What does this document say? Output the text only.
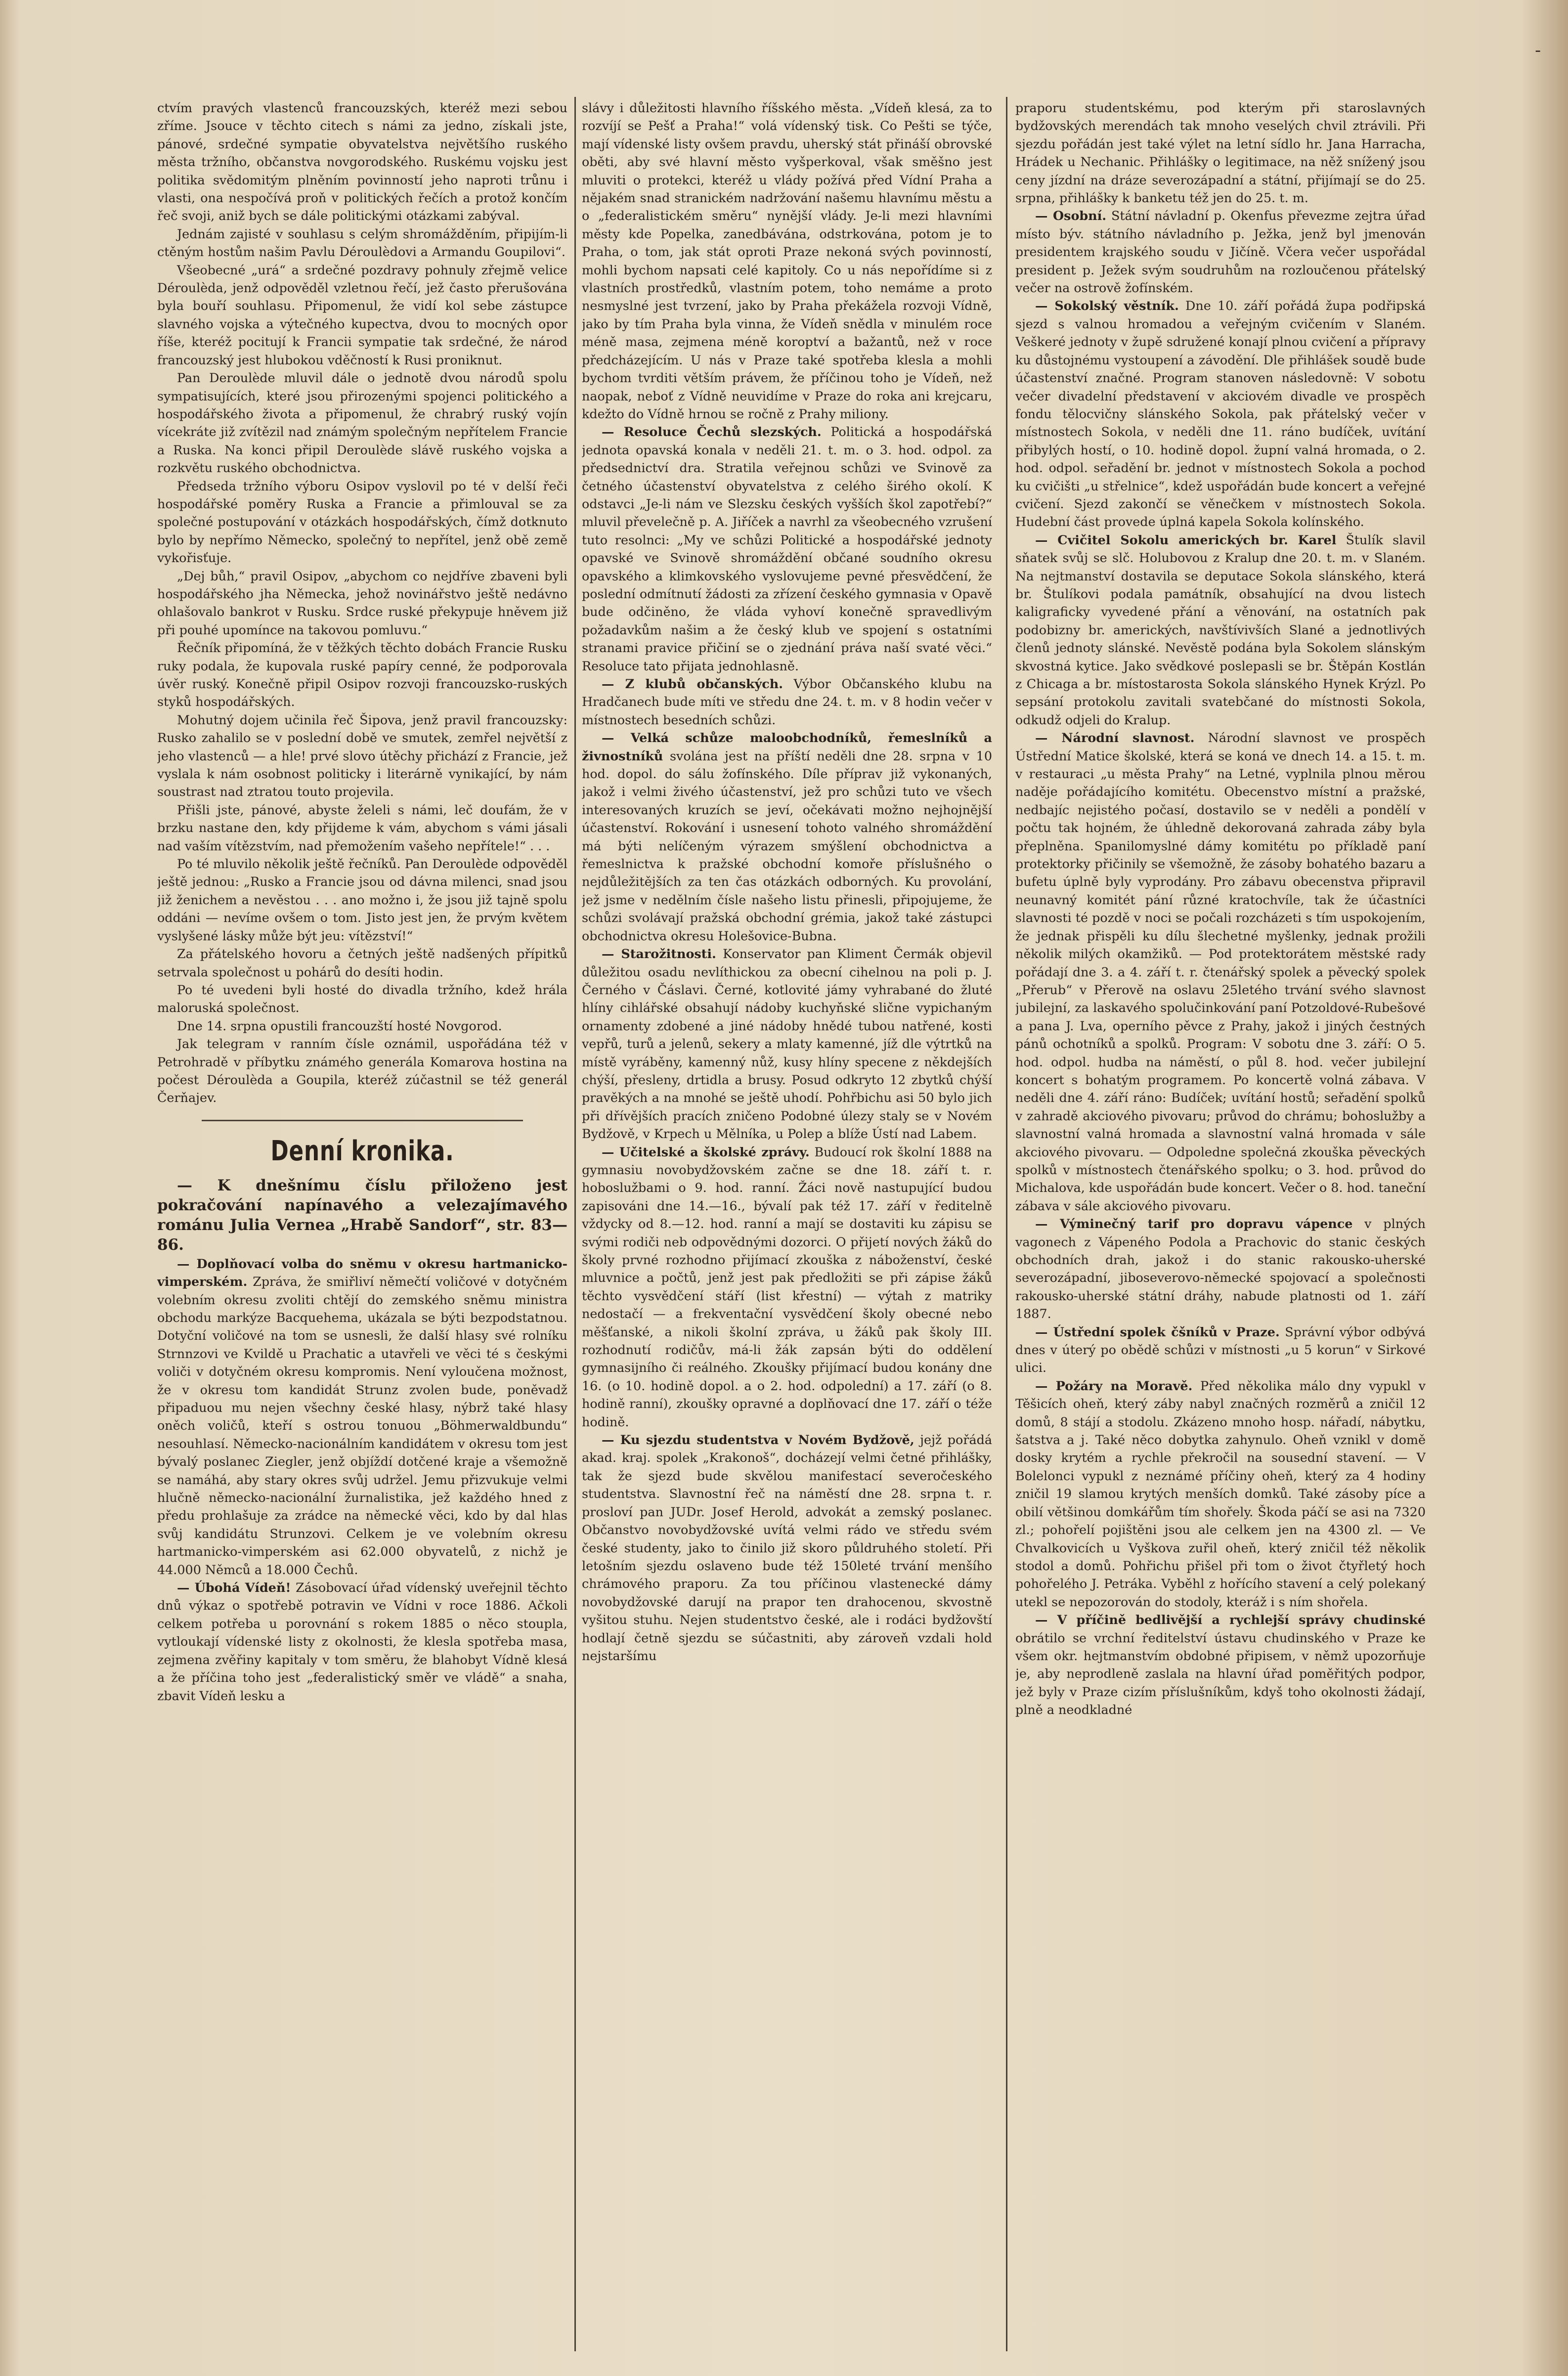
-

ctvím pravých vlastenců francouzských, kteréž mezi sebou zříme. Jsouce v těchto citech s námi za jedno, získali jste, pánové, srdečné sympatie obyvatelstva největšího ruského města tržního, občanstva novgorodského. Ruskému vojsku jest politika svědomitým plněním povinností jeho naproti trůnu i vlasti, ona nespočívá proň v politických řečích a protož končím řeč svoji, aniž bych se dále politickými otázkami zabýval.

Jednám zajisté v souhlasu s celým shromážděním, připijím-li ctěným hostům našim Pavlu Déroulèdovi a Armandu Goupilovi“.

Všeobecné „urá“ a srdečné pozdravy pohnuly zřejmě velice Déroulèda, jenž odpověděl vzletnou řečí, jež často přerušována byla bouří souhlasu. Připomenul, že vidí kol sebe zástupce slavného vojska a výtečného kupectva, dvou to mocných opor říše, kteréž pocitují k Francii sympatie tak srdečné, že národ francouzský jest hlubokou vděčností k Rusi proniknut.

Pan Deroulède mluvil dále o jednotě dvou národů spolu sympatisujících, které jsou přirozenými spojenci politického a hospodářského života a připomenul, že chrabrý ruský vojín vícekráte již zvítězil nad známým společným nepřítelem Francie a Ruska. Na konci připil Deroulède slávě ruského vojska a rozkvětu ruského obchodnictva.

Předseda tržního výboru Osipov vyslovil po té v delší řeči hospodářské poměry Ruska a Francie a přimlouval se za společné postupování v otázkách hospodářských, čímž dotknuto bylo by nepřímo Německo, společný to nepřítel, jenž obě země vykořisťuje.

„Dej bůh,“ pravil Osipov, „abychom co nejdříve zbaveni byli hospodářského jha Německa, jehož novinářstvo ještě nedávno ohlašovalo bankrot v Rusku. Srdce ruské překypuje hněvem již při pouhé upomínce na takovou pomluvu.“

Řečník připomíná, že v těžkých těchto dobách Francie Rusku ruky podala, že kupovala ruské papíry cenné, že podporovala úvěr ruský. Konečně připil Osipov rozvoji francouzsko-ruských styků hospodářských.

Mohutný dojem učinila řeč Šipova, jenž pravil francouzsky: Rusko zahalilo se v poslední době ve smutek, zemřel největší z jeho vlastenců — a hle! prvé slovo útěchy přichází z Francie, jež vyslala k nám osobnost politicky i literárně vynikající, by nám soustrast nad ztratou touto projevila.

Přišli jste, pánové, abyste želeli s námi, leč doufám, že v brzku nastane den, kdy přijdeme k vám, abychom s vámi jásali nad vaším vítězstvím, nad přemožením vašeho nepřítele!“ . . .

Po té mluvilo několik ještě řečníků. Pan Deroulède odpověděl ještě jednou: „Rusko a Francie jsou od dávna milenci, snad jsou již ženichem a nevěstou . . . ano možno i, že jsou již tajně spolu oddáni — nevíme ovšem o tom. Jisto jest jen, že prvým květem vyslyšené lásky může být jeu: vítězství!“

Za přátelského hovoru a četných ještě nadšených přípitků setrvala společnost u pohárů do desíti hodin.

Po té uvedeni byli hosté do divadla tržního, kdež hrála maloruská společnost.

Dne 14. srpna opustili francouzští hosté Novgorod.

Jak telegram v ranním čísle oznámil, uspořádána též v Petrohradě v příbytku známého generála Komarova hostina na počest Déroulèda a Goupila, kteréž zúčastnil se též generál Čerňajev.

Denní kronika.

— K dnešnímu číslu přiloženo jest pokračování napínavého a velezajímavého románu Julia Vernea „Hrabě Sandorf“, str. 83—86.

— Doplňovací volba do sněmu v okresu hartmanicko-vimperském. Zpráva, že smiřliví němečtí voličové v dotyčném volebním okresu zvoliti chtějí do zemského sněmu ministra obchodu markýze Bacquehema, ukázala se býti bezpodstatnou. Dotyční voličové na tom se usnesli, že další hlasy své rolníku Strnnzovi ve Kvildě u Prachatic a utavřeli ve věci té s českými voliči v dotyčném okresu kompromis. Není vyloučena možnost, že v okresu tom kandidát Strunz zvolen bude, poněvadž připaduou mu nejen všechny české hlasy, nýbrž také hlasy oněch voličů, kteří s ostrou tonuou „Böhmerwaldbundu“ nesouhlasí. Německo-nacionálním kandidátem v okresu tom jest bývalý poslanec Ziegler, jenž objíždí dotčené kraje a všemožně se namáhá, aby stary okres svůj udržel. Jemu přizvukuje velmi hlučně německo-nacionální žurnalistika, jež každého hned z předu prohlašuje za zrádce na německé věci, kdo by dal hlas svůj kandidátu Strunzovi. Celkem je ve volebním okresu hartmanicko-vimperském asi 62.000 obyvatelů, z nichž je 44.000 Němců a 18.000 Čechů.

— Úbohá Vídeň! Zásobovací úřad vídenský uveřejnil těchto dnů výkaz o spotřebě potravin ve Vídni v roce 1886. Ačkoli celkem potřeba u porovnání s rokem 1885 o něco stoupla, vytloukají vídenské listy z okolnosti, že klesla spotřeba masa, zejmena zvěřiny kapitaly v tom směru, že blahobyt Vídně klesá a že příčina toho jest „federalistický směr ve vládě“ a snaha, zbavit Vídeň lesku a

slávy i důležitosti hlavního říšského města. „Vídeň klesá, za to rozvíjí se Pešť a Praha!“ volá vídenský tisk. Co Pešti se týče, mají vídenské listy ovšem pravdu, uherský stát přináší obrovské oběti, aby své hlavní město vyšperkoval, však směšno jest mluviti o protekci, kteréž u vlády požívá před Vídní Praha a nějakém snad stranickém nadržování našemu hlavnímu městu a o „federalistickém směru“ nynější vlády. Je-li mezi hlavními městy kde Popelka, zanedbávána, odstrkována, potom je to Praha, o tom, jak stát oproti Praze nekoná svých povinností, mohli bychom napsati celé kapitoly. Co u nás nepořídíme si z vlastních prostředků, vlastním potem, toho nemáme a proto nesmyslné jest tvrzení, jako by Praha překážela rozvoji Vídně, jako by tím Praha byla vinna, že Vídeň snědla v minulém roce méně masa, zejmena méně koroptví a bažantů, než v roce předcházejícím. U nás v Praze také spotřeba klesla a mohli bychom tvrditi větším právem, že příčinou toho je Vídeň, než naopak, neboť z Vídně neuvidíme v Praze do roka ani krejcaru, kdežto do Vídně hrnou se ročně z Prahy miliony.

— Resoluce Čechů slezských. Politická a hospodářská jednota opavská konala v neděli 21. t. m. o 3. hod. odpol. za předsednictví dra. Stratila veřejnou schůzi ve Svinově za četného účastenství obyvatelstva z celého širého okolí. K odstavci „Je-li nám ve Slezsku českých vyšších škol zapotřebí?“ mluvil převelečně p. A. Jiříček a navrhl za všeobecného vzrušení tuto resolnci: „My ve schůzi Politické a hospodářské jednoty opavské ve Svinově shromáždění občané soudního okresu opavského a klimkovského vyslovujeme pevné přesvědčení, že poslední odmítnutí žádosti za zřízení českého gymnasia v Opavě bude odčiněno, že vláda vyhoví konečně spravedlivým požadavkům našim a že český klub ve spojení s ostatními stranami pravice přičiní se o zjednání práva naší svaté věci.“ Resoluce tato přijata jednohlasně.

— Z klubů občanských. Výbor Občanského klubu na Hradčanech bude míti ve středu dne 24. t. m. v 8 hodin večer v místnostech besedních schůzi.

— Velká schůze maloobchodníků, řemeslníků a živnostníků svolána jest na příští neděli dne 28. srpna v 10 hod. dopol. do sálu žofínského. Díle příprav již vykonaných, jakož i velmi živého účastenství, jež pro schůzi tuto ve všech interesovaných kruzích se jeví, očekávati možno nejhojnější účastenství. Rokování i usnesení tohoto valného shromáždění má býti nelíčeným výrazem smýšlení obchodnictva a řemeslnictva k pražské obchodní komoře příslušného o nejdůležitějších za ten čas otázkách odborných. Ku provolání, jež jsme v nedělním čísle našeho listu přinesli, připojujeme, že schůzi svolávají pražská obchodní grémia, jakož také zástupci obchodnictva okresu Holešovice-Bubna.

— Starožitnosti. Konservator pan Kliment Čermák objevil důležitou osadu nevlíthickou za obecní cihelnou na poli p. J. Černého v Čáslavi. Černé, kotlovité jámy vyhrabané do žluté hlíny cihlářské obsahují nádoby kuchyňské slične vypichaným ornamenty zdobené a jiné nádoby hnědé tubou natřené, kosti vepřů, turů a jelenů, sekery a mlaty kamenné, jíž dle výtrtků na místě vyráběny, kamenný nůž, kusy hlíny specene z někdejších chýší, přesleny, drtidla a brusy. Posud odkryto 12 zbytků chýší pravěkých a na mnohé se ještě uhodí. Pohřbichu asi 50 bylo jich při dřívějších pracích zničeno Podobné úlezy staly se v Novém Bydžově, v Krpech u Mělníka, u Polep a blíže Ústí nad Labem.

— Učitelské a školské zprávy. Budoucí rok školní 1888 na gymnasiu novobydžovském začne se dne 18. září t. r. hoboslužbami o 9. hod. ranní. Žáci nově nastupující budou zapisováni dne 14.—16., bývalí pak též 17. září v ředitelně vždycky od 8.—12. hod. ranní a mají se dostaviti ku zápisu se svými rodiči neb odpovědnými dozorci. O přijetí nových žáků do školy prvné rozhodno přijímací zkouška z náboženství, české mluvnice a počtů, jenž jest pak předložiti se při zápise žáků těchto vysvědčení stáří (list křestní) — výtah z matriky nedostačí — a frekventační vysvědčení školy obecné nebo měšťanské, a nikoli školní zpráva, u žáků pak školy III. rozhodnutí rodičův, má-li žák zapsán býti do oddělení gymnasijního či reálného. Zkoušky přijímací budou konány dne 16. (o 10. hodině dopol. a o 2. hod. odpolední) a 17. září (o 8. hodině ranní), zkoušky opravné a doplňovací dne 17. září o téže hodině.

— Ku sjezdu studentstva v Novém Bydžově, jejž pořádá akad. kraj. spolek „Krakonoš“, docházejí velmi četné přihlášky, tak že sjezd bude skvělou manifestací severočeského studentstva. Slavnostní řeč na náměstí dne 28. srpna t. r. prosloví pan JUDr. Josef Herold, advokát a zemský poslanec. Občanstvo novobydžovské uvítá velmi rádo ve středu svém české studenty, jako to činilo již skoro půldruhého století. Při letošním sjezdu oslaveno bude též 150leté trvání menšího chrámového praporu. Za tou příčinou vlastenecké dámy novobydžovské darují na prapor ten drahocenou, skvostně vyšitou stuhu. Nejen studentstvo české, ale i rodáci bydžovští hodlají četně sjezdu se súčastniti, aby zároveň vzdali hold nejstaršímu

praporu studentskému, pod kterým při staroslavných bydžovských merendách tak mnoho veselých chvil ztrávili. Při sjezdu pořádán jest také výlet na letní sídlo hr. Jana Harracha, Hrádek u Nechanic. Přihlášky o legitimace, na něž snížený jsou ceny jízdní na dráze severozápadní a státní, přijímají se do 25. srpna, přihlášky k banketu též jen do 25. t. m.

— Osobní. Státní návladní p. Okenfus převezme zejtra úřad místo býv. státního návladního p. Ježka, jenž byl jmenován presidentem krajského soudu v Jičíně. Včera večer uspořádal president p. Ježek svým soudruhům na rozloučenou přátelský večer na ostrově žofínském.

— Sokolský věstník. Dne 10. září pořádá župa podřipská sjezd s valnou hromadou a veřejným cvičením v Slaném. Veškeré jednoty v župě sdružené konají plnou cvičení a přípravy ku důstojnému vystoupení a závodění. Dle přihlášek soudě bude účastenství značné. Program stanoven následovně: V sobotu večer divadelní představení v akciovém divadle ve prospěch fondu tělocvičny slánského Sokola, pak přátelský večer v místnostech Sokola, v neděli dne 11. ráno budíček, uvítání přibylých hostí, o 10. hodině dopol. župní valná hromada, o 2. hod. odpol. seřadění br. jednot v místnostech Sokola a pochod ku cvičišti „u střelnice“, kdež uspořádán bude koncert a veřejné cvičení. Sjezd zakončí se věnečkem v místnostech Sokola. Hudební část provede úplná kapela Sokola kolínského.

— Cvičitel Sokolu amerických br. Karel Štulík slavil sňatek svůj se slč. Holubovou z Kralup dne 20. t. m. v Slaném. Na nejtmanství dostavila se deputace Sokola slánského, která br. Štulíkovi podala památník, obsahující na dvou listech kaligraficky vyvedené přání a věnování, na ostatních pak podobizny br. amerických, navštívivších Slané a jednotlivých členů jednoty slánské. Nevěstě podána byla Sokolem slánským skvostná kytice. Jako svědkové poslepasli se br. Štěpán Kostlán z Chicaga a br. místostarosta Sokola slánského Hynek Krýzl. Po sepsání protokolu zavitali svatebčané do místnosti Sokola, odkudž odjeli do Kralup.

— Národní slavnost. Národní slavnost ve prospěch Ústřední Matice školské, která se koná ve dnech 14. a 15. t. m. v restauraci „u města Prahy“ na Letné, vyplnila plnou měrou naděje pořádajícího komitétu. Obecenstvo místní a pražské, nedbajíc nejistého počasí, dostavilo se v neděli a pondělí v počtu tak hojném, že úhledně dekorovaná zahrada záby byla přeplněna. Spanilomyslné dámy komitétu po příkladě paní protektorky přičinily se všemožně, že zásoby bohatého bazaru a bufetu úplně byly vyprodány. Pro zábavu obecenstva připravil neunavný komitét pání různé kratochvíle, tak že účastníci slavnosti té pozdě v noci se počali rozcházeti s tím uspokojením, že jednak přispěli ku dílu šlechetné myšlenky, jednak prožili několik milých okamžiků. — Pod protektorátem městské rady pořádají dne 3. a 4. září t. r. čtenářský spolek a pěvecký spolek „Přerub“ v Přerově na oslavu 25letého trvání svého slavnost jubilejní, za laskavého spolučinkování paní Potzoldové-Rubešové a pana J. Lva, operního pěvce z Prahy, jakož i jiných čestných pánů ochotníků a spolků. Program: V sobotu dne 3. září: O 5. hod. odpol. hudba na náměstí, o půl 8. hod. večer jubilejní koncert s bohatým programem. Po koncertě volná zábava. V neděli dne 4. září ráno: Budíček; uvítání hostů; seřadění spolků v zahradě akciového pivovaru; průvod do chrámu; bohoslužby a slavnostní valná hromada a slavnostní valná hromada v sále akciového pivovaru. — Odpoledne společná zkouška pěveckých spolků v místnostech čtenářského spolku; o 3. hod. průvod do Michalova, kde uspořádán bude koncert. Večer o 8. hod. taneční zábava v sále akciového pivovaru.

— Výminečný tarif pro dopravu vápence v plných vagonech z Vápeného Podola a Prachovic do stanic českých obchodních drah, jakož i do stanic rakousko-uherské severozápadní, jiboseverovo-německé spojovací a společnosti rakousko-uherské státní dráhy, nabude platnosti od 1. září 1887.

— Ústřední spolek čšníků v Praze. Správní výbor odbývá dnes v úterý po obědě schůzi v místnosti „u 5 korun“ v Sirkové ulici.

— Požáry na Moravě. Před několika málo dny vypukl v Těšicích oheň, který záby nabyl značných rozměrů a zničil 12 domů, 8 stájí a stodolu. Zkázeno mnoho hosp. nářadí, nábytku, šatstva a j. Také něco dobytka zahynulo. Oheň vznikl v domě dosky krytém a rychle překročil na sousední stavení. — V Bolelonci vypukl z neznámé příčiny oheň, který za 4 hodiny zničil 19 slamou krytých menších domků. Také zásoby píce a obilí většinou domkářům tím shořely. Škoda páčí se asi na 7320 zl.; pohořelí pojištěni jsou ale celkem jen na 4300 zl. — Ve Chvalkovicích u Vyškova zuřil oheň, který zničil též několik stodol a domů. Pohřichu přišel při tom o život čtyřletý hoch pohořelého J. Petráka. Vyběhl z hořícího stavení a celý polekaný utekl se nepozorován do stodoly, kteráž i s ním shořela.

— V příčině bedlivější a rychlejší správy chudinské obrátilo se vrchní ředitelství ústavu chudinského v Praze ke všem okr. hejtmanstvím obdobné připisem, v němž upozorňuje je, aby neprodleně zaslala na hlavní úřad poměřitých podpor, jež byly v Praze cizím příslušníkům, kdyš toho okolnosti žádají, plně a neodkladné
